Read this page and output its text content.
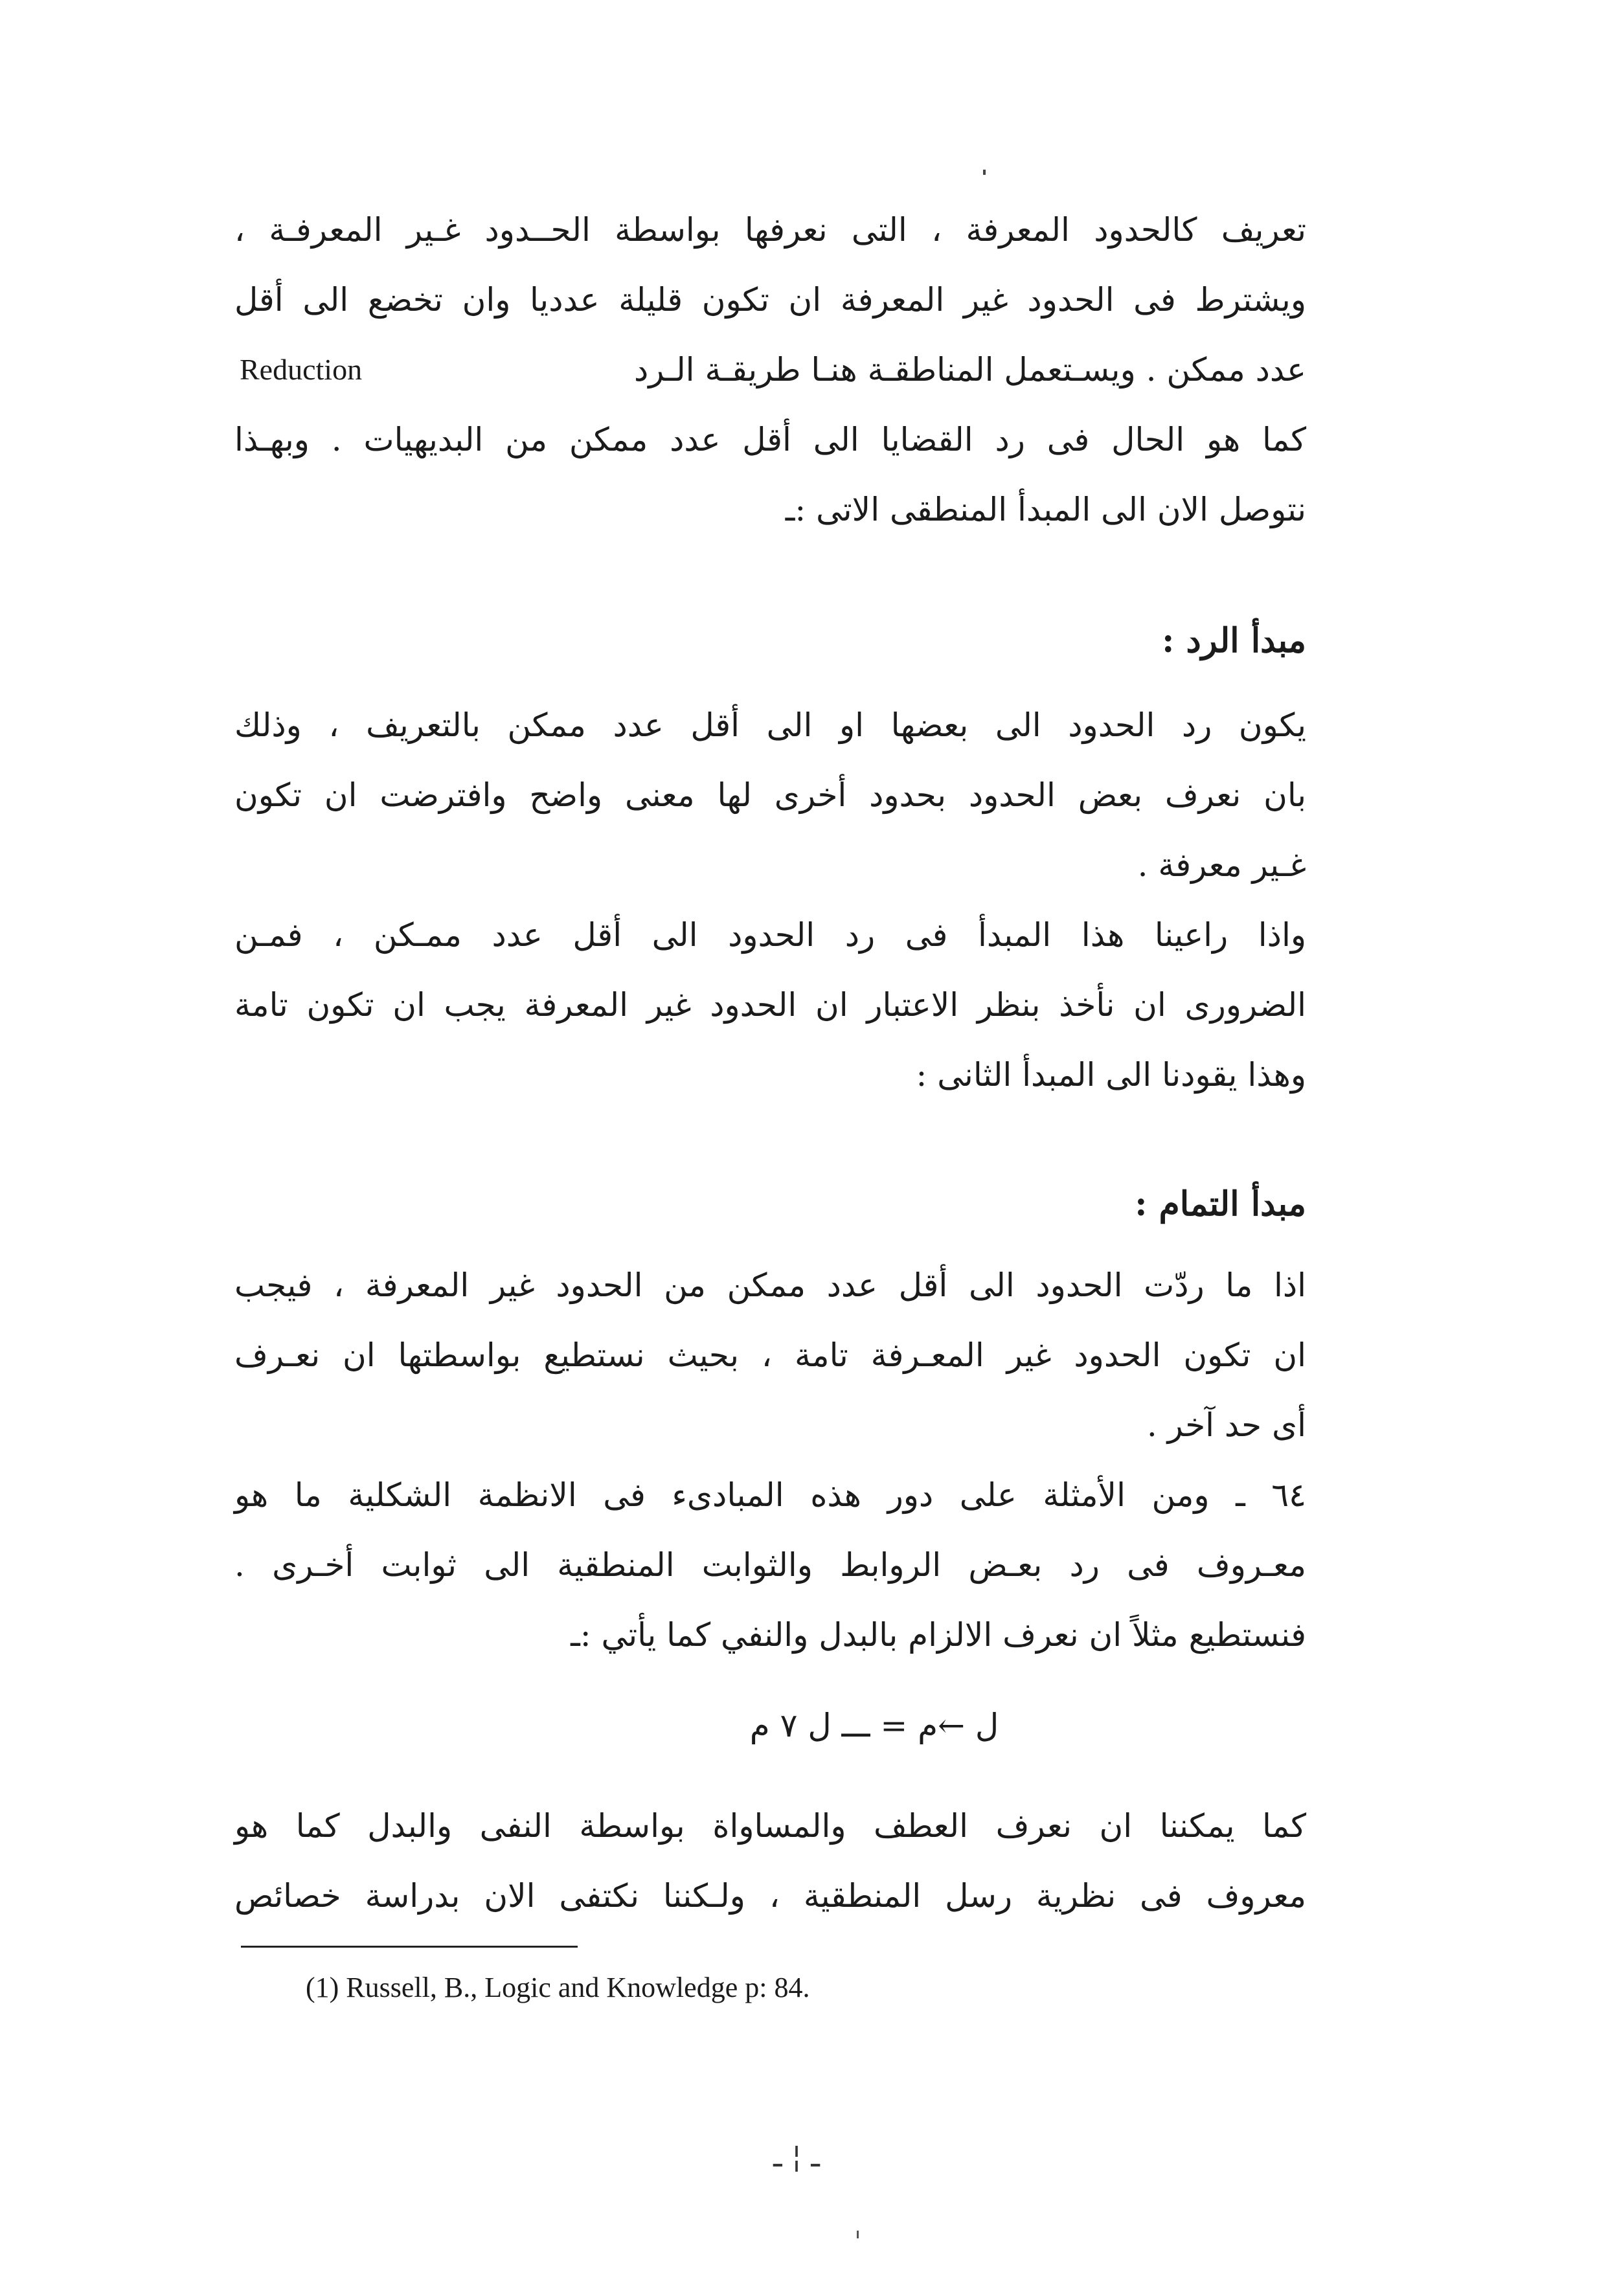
تعريف كالحدود المعرفة ، التى نعرفها بواسطة الحــدود غـير المعرفـة ،
ويشترط فى الحدود غير المعرفة ان تكون قليلة عدديا وان تخضع الى أقل
عدد ممكن . ويسـتعمل المناطقـة هنـا طريقـة الـرد
Reduction
كما هو الحال فى رد القضايا الى أقل عدد ممكن من البديهيات . وبهـذا
نتوصل الان الى المبدأ المنطقى الاتى :ـ
مبدأ الرد :
يكون رد الحدود الى بعضها او الى أقل عدد ممكن بالتعريف ، وذلك
بان نعرف بعض الحدود بحدود أخرى لها معنى واضح وافترضت ان تكون
غـير معرفة .
واذا راعينا هذا المبدأ فى رد الحدود الى أقل عدد ممـكن ، فمـن
الضرورى ان نأخذ بنظر الاعتبار ان الحدود غير المعرفة يجب ان تكون تامة
وهذا يقودنا الى المبدأ الثانى :
مبدأ التمام :
اذا ما ردّت الحدود الى أقل عدد ممكن من الحدود غير المعرفة ، فيجب
ان تكون الحدود غير المعـرفة تامة ، بحيث نستطيع بواسطتها ان نعـرف
أى حد آخر .
٦٤ ـ ومن الأمثلة على دور هذه المبادىء فى الانظمة الشكلية ما هو
معـروف فى رد بعـض الروابط والثوابت المنطقية الى ثوابت أخـرى .
فنستطيع مثلاً ان نعرف الالزام بالبدل والنفي كما يأتي :ـ
ل ←م = ـــ ل ٧ م
كما يمكننا ان نعرف العطف والمساواة بواسطة النفى والبدل كما هو
معروف فى نظرية رسل المنطقية ، ولـكننا نكتفى الان بدراسة خصائص
(1) Russell, B., Logic and Knowledge p: 84.
ـ ¦ ـ
